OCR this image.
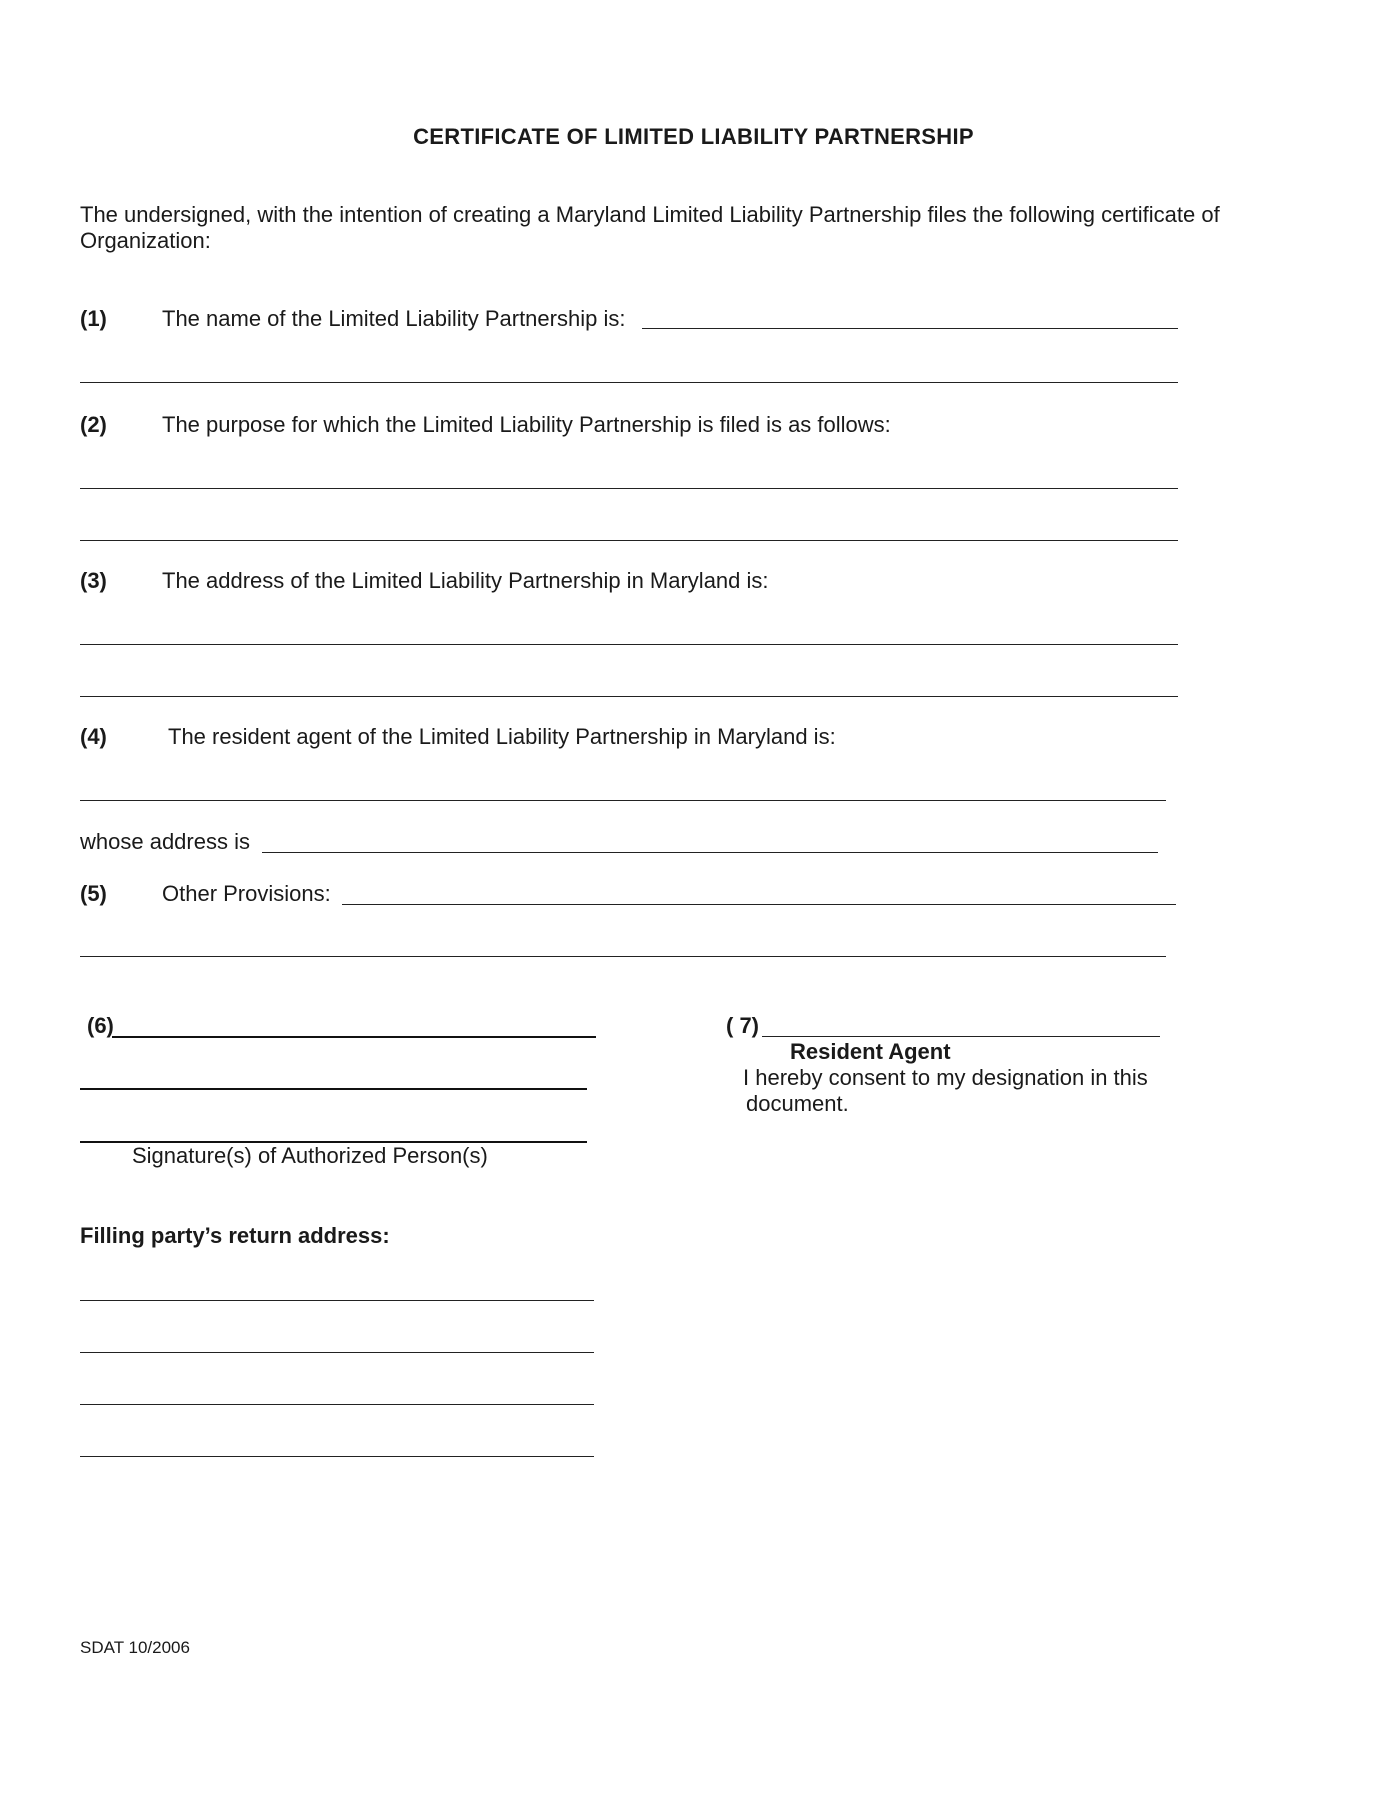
CERTIFICATE OF LIMITED LIABILITY PARTNERSHIP
The undersigned, with the intention of creating a Maryland Limited Liability Partnership files the following certificate of Organization:
(1)	The name of the Limited Liability Partnership is:
(2)	The purpose for which the Limited Liability Partnership is filed is as follows:
(3)	The address of the Limited Liability Partnership in Maryland is:
(4)	The resident agent of the Limited Liability Partnership in Maryland is:
whose address is
(5)	Other Provisions:
(6)
Signature(s) of Authorized Person(s)
( 7)
Resident Agent
I hereby consent to my designation in this
document.
Filling party’s return address:
SDAT 10/2006
